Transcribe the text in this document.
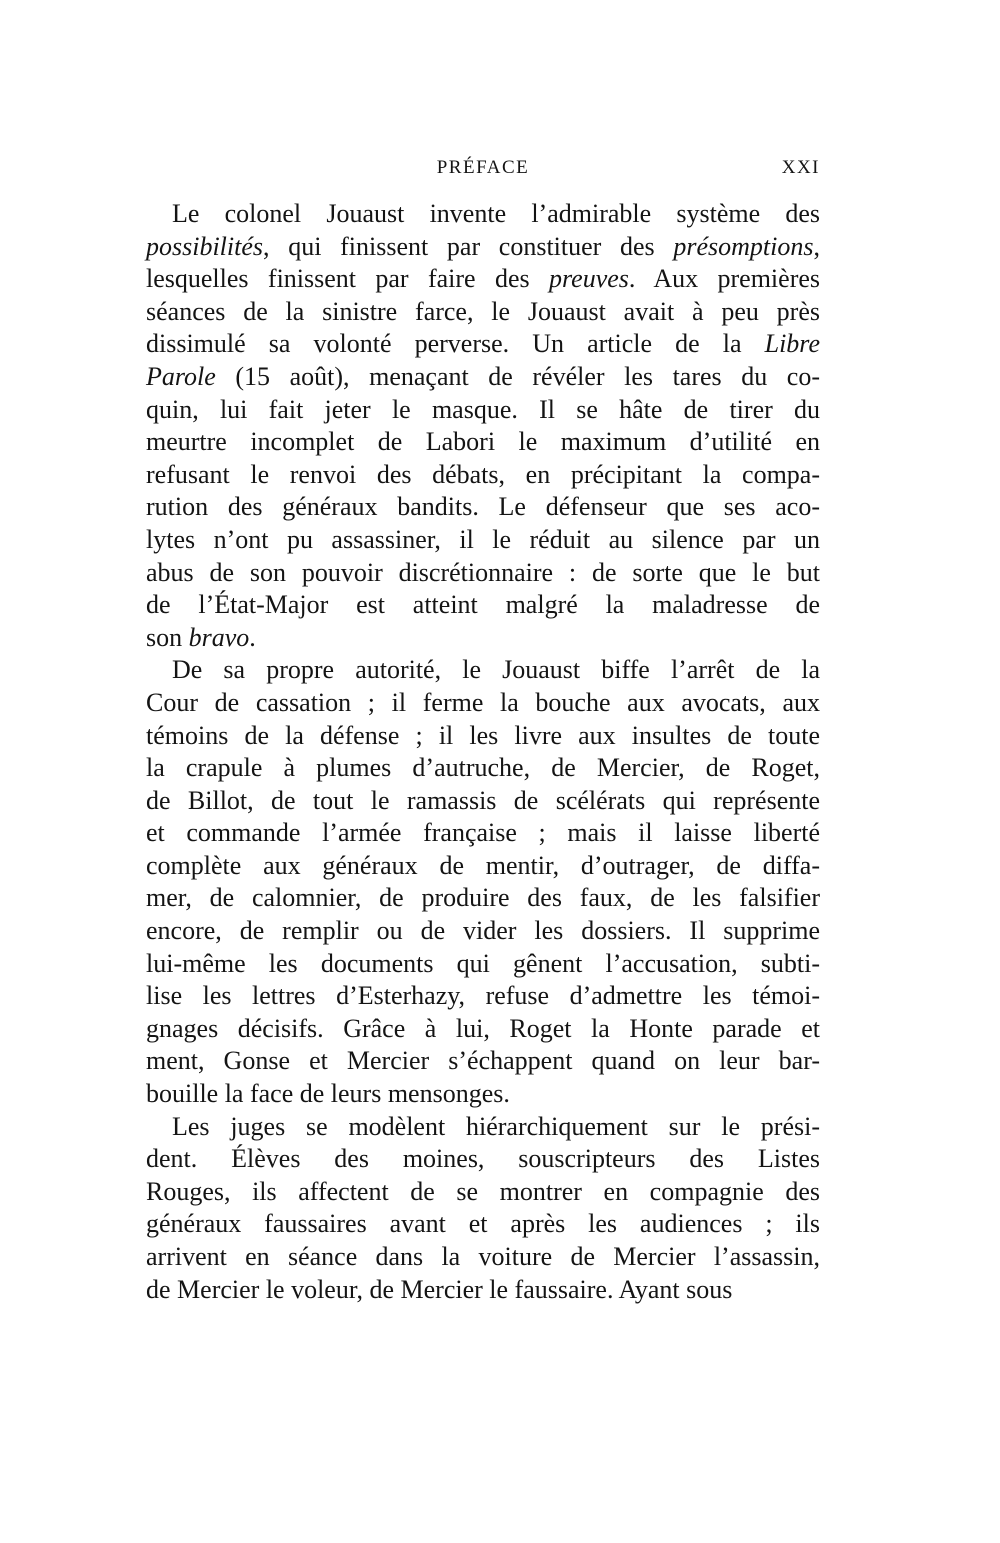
PRÉFACE	XXI
Le colonel Jouaust invente l’admirable système des
possibilités, qui finissent par constituer des présomptions,
lesquelles finissent par faire des preuves. Aux premières
séances de la sinistre farce, le Jouaust avait à peu près
dissimulé sa volonté perverse. Un article de la Libre
Parole (15 août), menaçant de révéler les tares du co-
quin, lui fait jeter le masque. Il se hâte de tirer du
meurtre incomplet de Labori le maximum d’utilité en
refusant le renvoi des débats, en précipitant la compa-
rution des généraux bandits. Le défenseur que ses aco-
lytes n’ont pu assassiner, il le réduit au silence par un
abus de son pouvoir discrétionnaire : de sorte que le but
de l’État-Major est atteint malgré la maladresse de
son bravo.
De sa propre autorité, le Jouaust biffe l’arrêt de la
Cour de cassation ; il ferme la bouche aux avocats, aux
témoins de la défense ; il les livre aux insultes de toute
la crapule à plumes d’autruche, de Mercier, de Roget,
de Billot, de tout le ramassis de scélérats qui représente
et commande l’armée française ; mais il laisse liberté
complète aux généraux de mentir, d’outrager, de diffa-
mer, de calomnier, de produire des faux, de les falsifier
encore, de remplir ou de vider les dossiers. Il supprime
lui-même les documents qui gênent l’accusation, subti-
lise les lettres d’Esterhazy, refuse d’admettre les témoi-
gnages décisifs. Grâce à lui, Roget la Honte parade et
ment, Gonse et Mercier s’échappent quand on leur bar-
bouille la face de leurs mensonges.
Les juges se modèlent hiérarchiquement sur le prési-
dent. Élèves des moines, souscripteurs des Listes
Rouges, ils affectent de se montrer en compagnie des
généraux faussaires avant et après les audiences ; ils
arrivent en séance dans la voiture de Mercier l’assassin,
de Mercier le voleur, de Mercier le faussaire. Ayant sous
